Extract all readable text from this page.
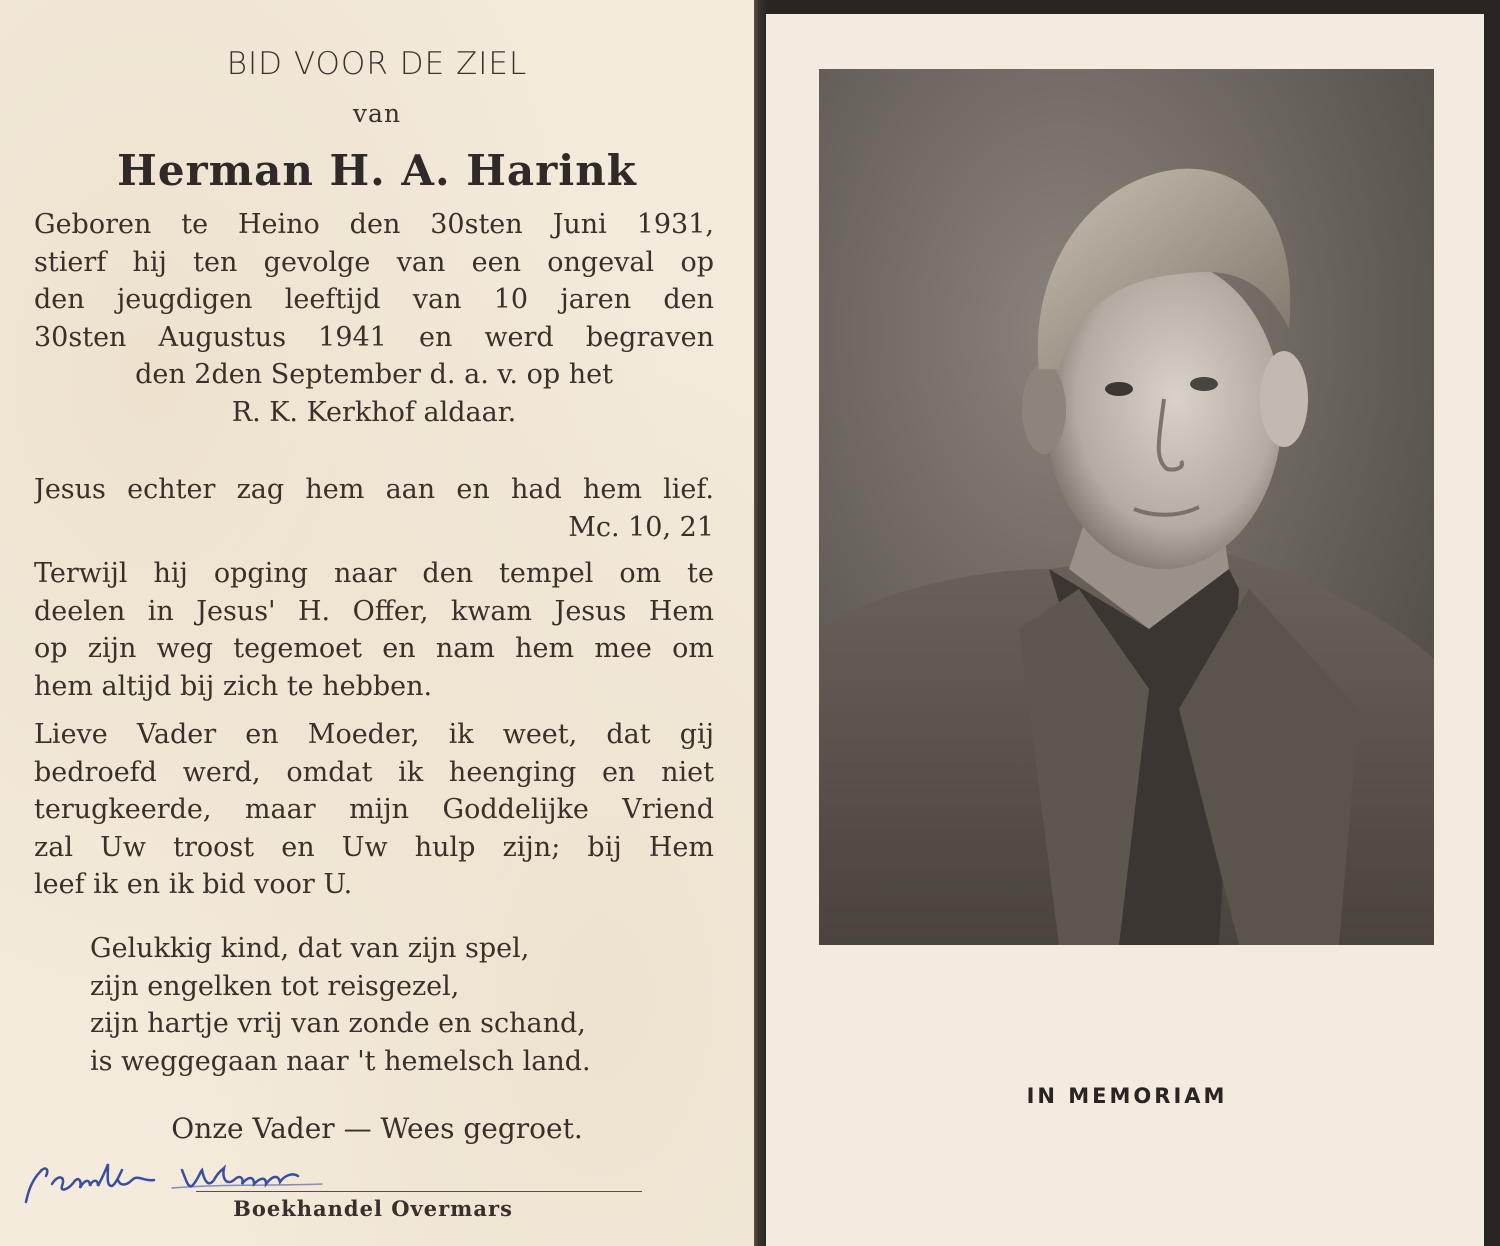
BID VOOR DE ZIEL
van
Herman H. A. Harink
Geboren te Heino den 30sten Juni 1931,
stierf hij ten gevolge van een ongeval op
den jeugdigen leeftijd van 10 jaren den
30sten Augustus 1941 en werd begraven
den 2den September d. a. v. op het
R. K. Kerkhof aldaar.
Jesus echter zag hem aan en had hem lief.
Mc. 10, 21
Terwijl hij opging naar den tempel om te
deelen in Jesus' H. Offer, kwam Jesus Hem
op zijn weg tegemoet en nam hem mee om
hem altijd bij zich te hebben.
Lieve Vader en Moeder, ik weet, dat gij
bedroefd werd, omdat ik heenging en niet
terugkeerde, maar mijn Goddelijke Vriend
zal Uw troost en Uw hulp zijn; bij Hem
leef ik en ik bid voor U.
Gelukkig kind, dat van zijn spel,
zijn engelken tot reisgezel,
zijn hartje vrij van zonde en schand,
is weggegaan naar 't hemelsch land.
Onze Vader — Wees gegroet.
Boekhandel Overmars
IN MEMORIAM
